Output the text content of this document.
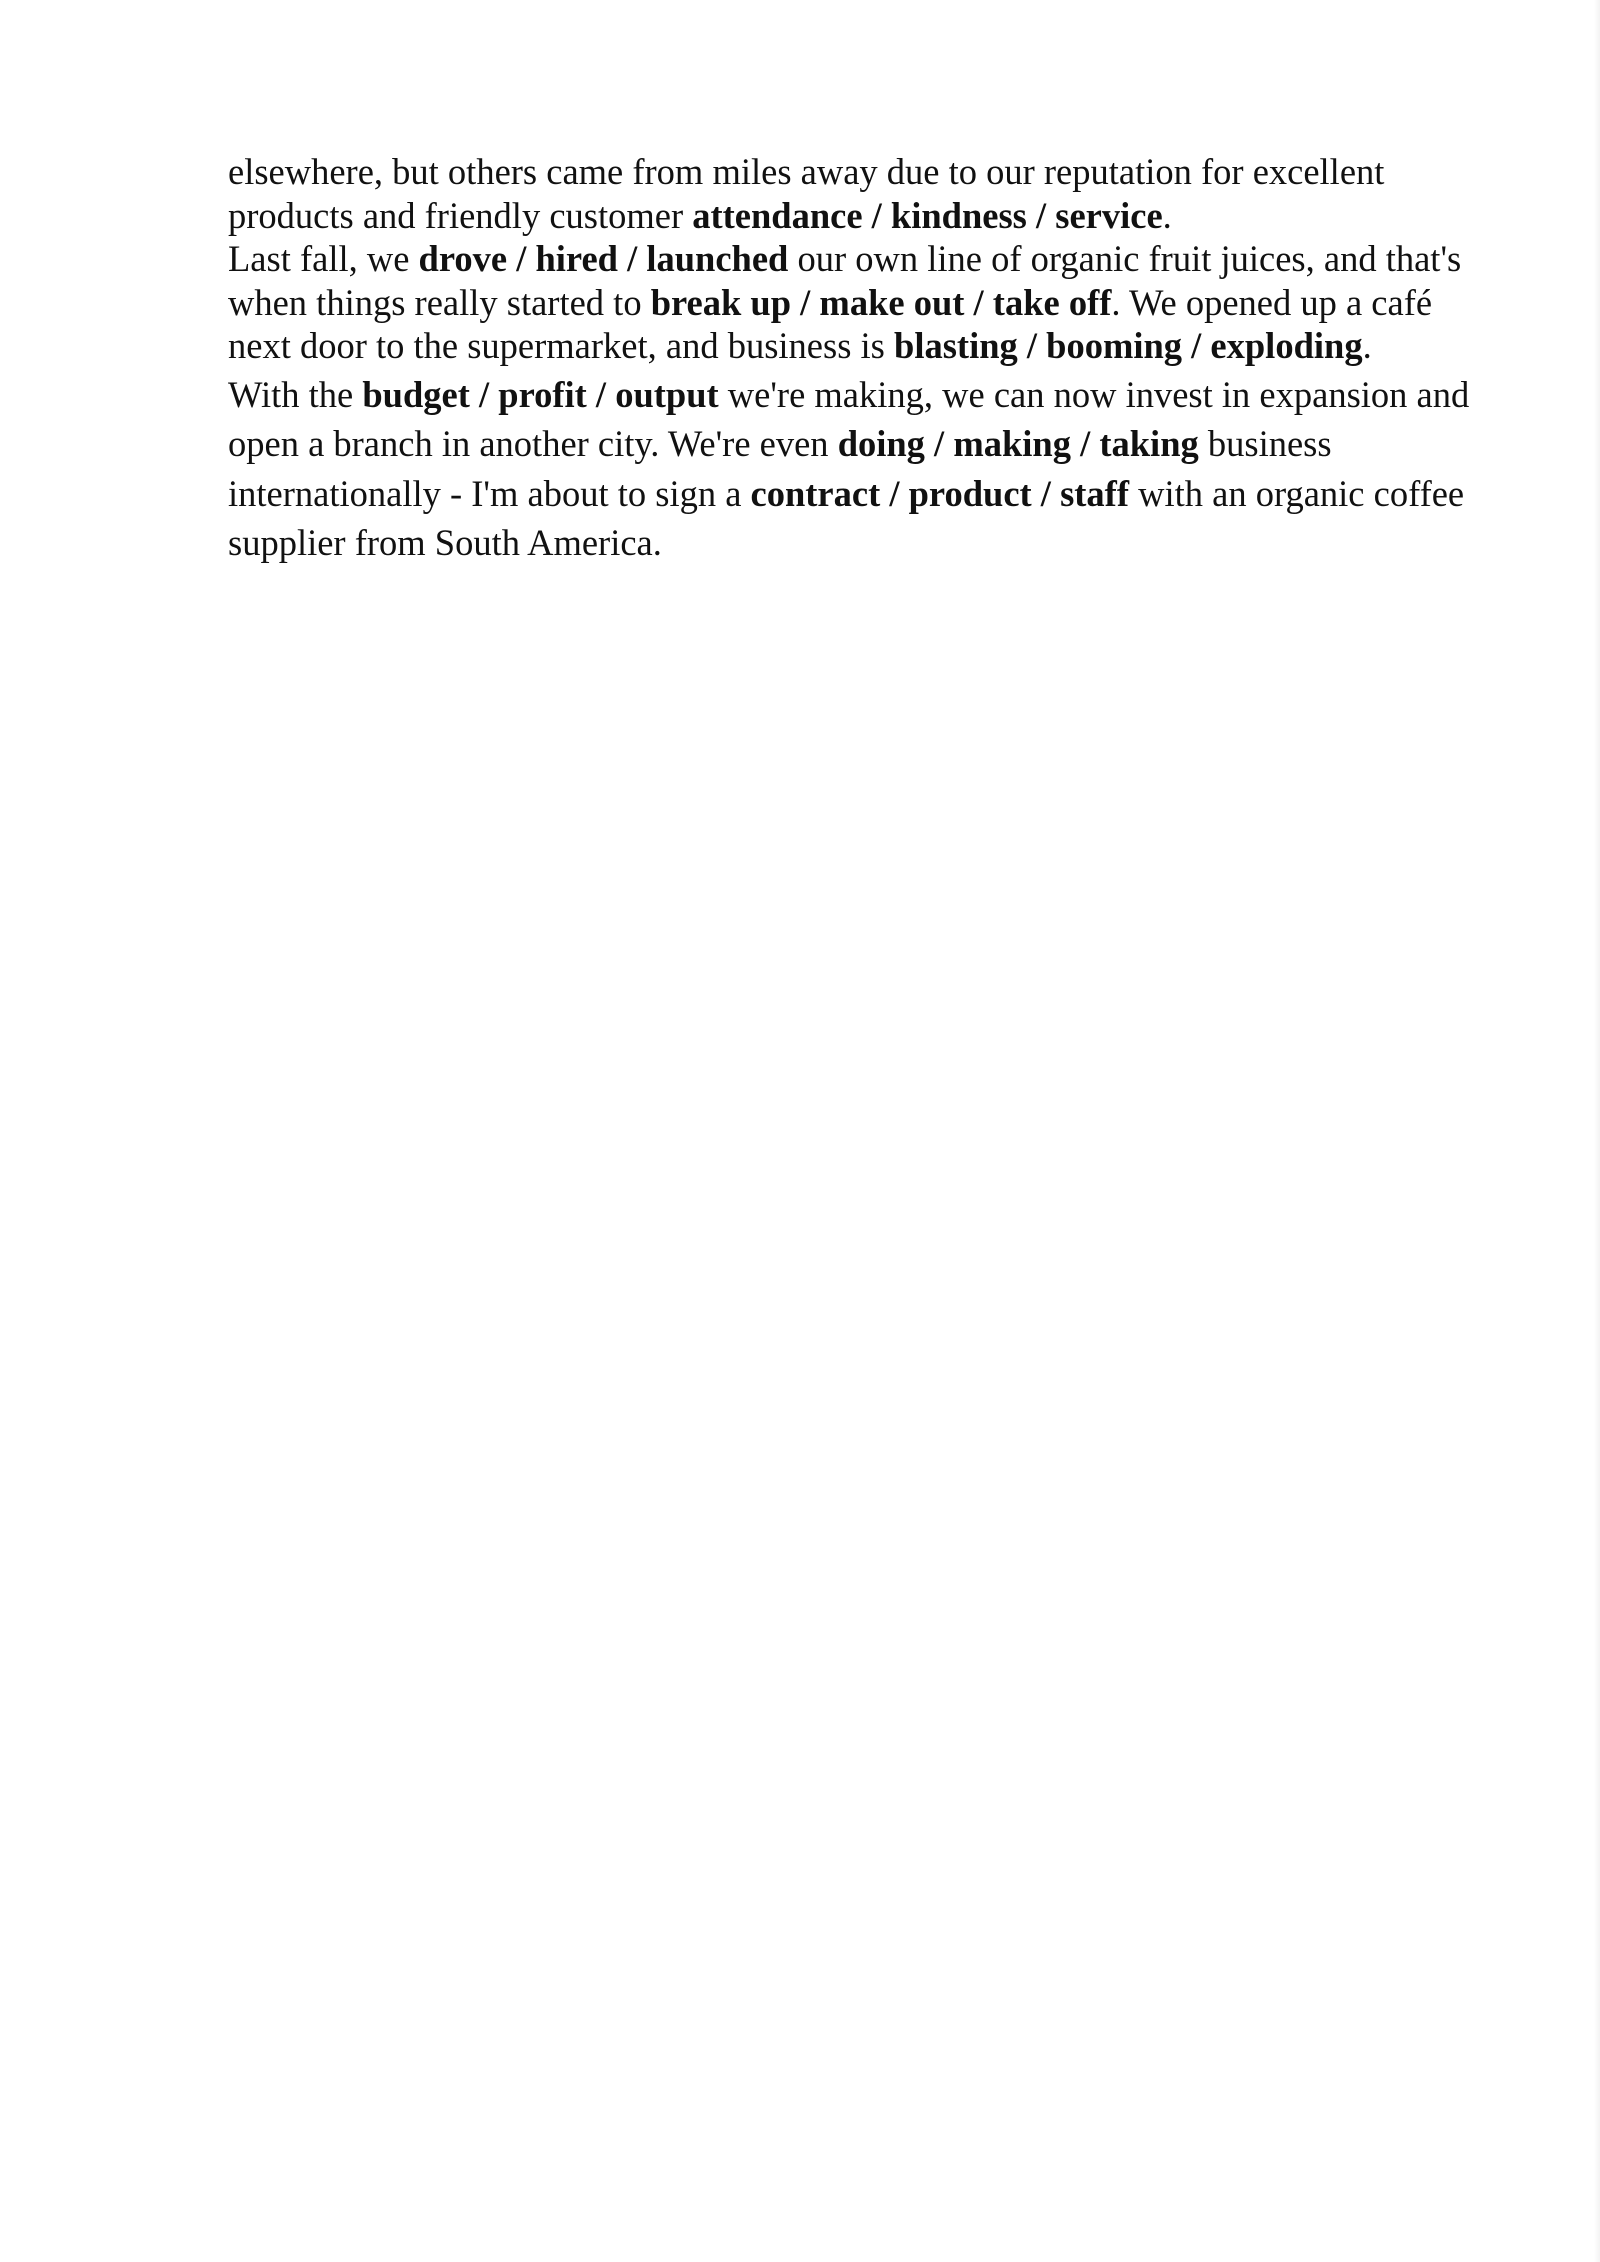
elsewhere, but others came from miles away due to our reputation for excellent products and friendly customer attendance / kindness / service.

Last fall, we drove / hired / launched our own line of organic fruit juices, and that's when things really started to break up / make out / take off. We opened up a café next door to the supermarket, and business is blasting / booming / exploding.

With the budget / profit / output we're making, we can now invest in expansion and open a branch in another city. We're even doing / making / taking business internationally - I'm about to sign a contract / product / staff with an organic coffee supplier from South America.
